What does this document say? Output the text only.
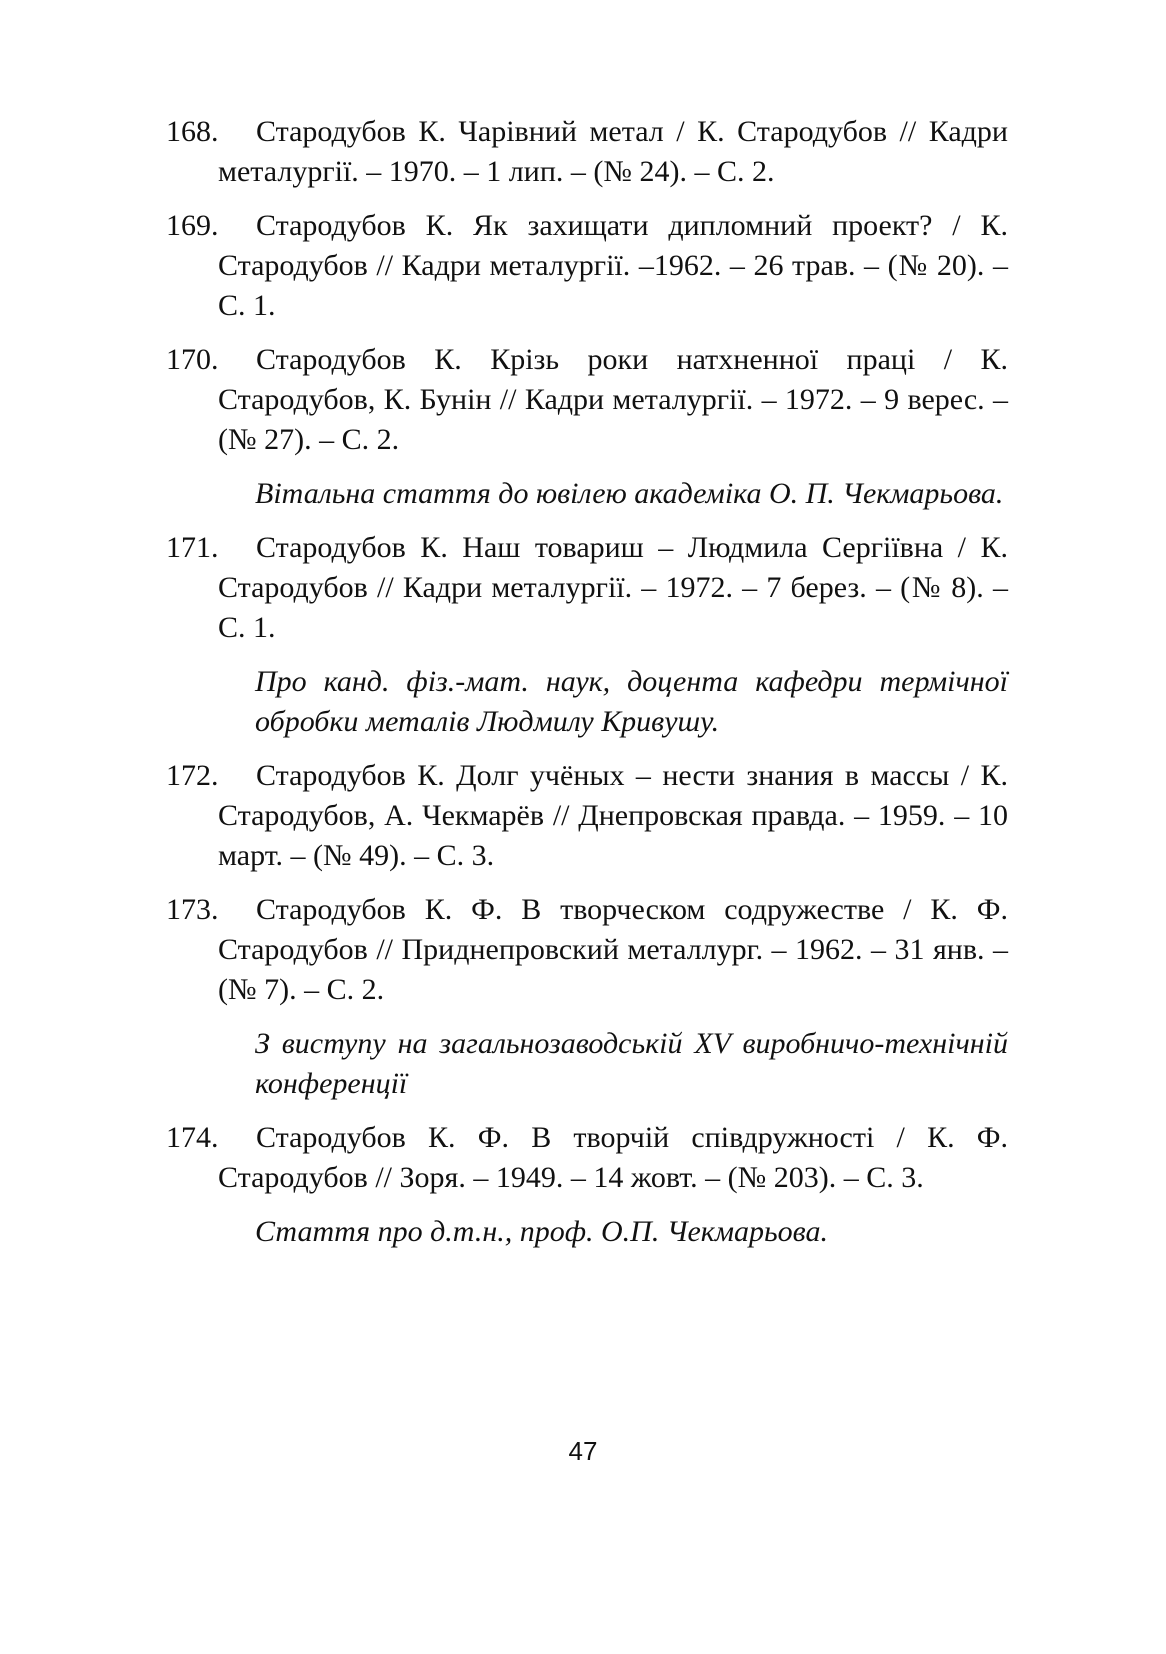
168. Стародубов К. Чарівний метал / К. Стародубов // Кадри металургії. – 1970. – 1 лип. – (№ 24). – С. 2.

169. Стародубов К. Як захищати дипломний проект? / К. Стародубов // Кадри металургії. –1962. – 26 трав. – (№ 20). – С. 1.

170. Стародубов К. Крізь роки натхненної праці / К. Стародубов, К. Бунін // Кадри металургії. – 1972. – 9 верес. – (№ 27). – С. 2.

Вітальна стаття до ювілею академіка О. П. Чекмарьова.

171. Стародубов К. Наш товариш – Людмила Сергіївна / К. Стародубов // Кадри металургії. – 1972. – 7 берез. – (№ 8). – С. 1.

Про канд. фіз.-мат. наук, доцента кафедри термічної обробки металів Людмилу Кривушу.

172. Стародубов К. Долг учёных – нести знания в массы / К. Стародубов, А. Чекмарёв // Днепровская правда. – 1959. – 10 март. – (№ 49). – С. 3.

173. Стародубов К. Ф. В творческом содружестве / К. Ф. Стародубов // Приднепровский металлург. – 1962. – 31 янв. – (№ 7). – С. 2.

З виступу на загальнозаводській XV виробничо-технічній конференції

174. Стародубов К. Ф. В творчій співдружності / К. Ф. Стародубов // Зоря. – 1949. – 14 жовт. – (№ 203). – С. 3.

Стаття про д.т.н., проф. О.П. Чекмарьова.

47
